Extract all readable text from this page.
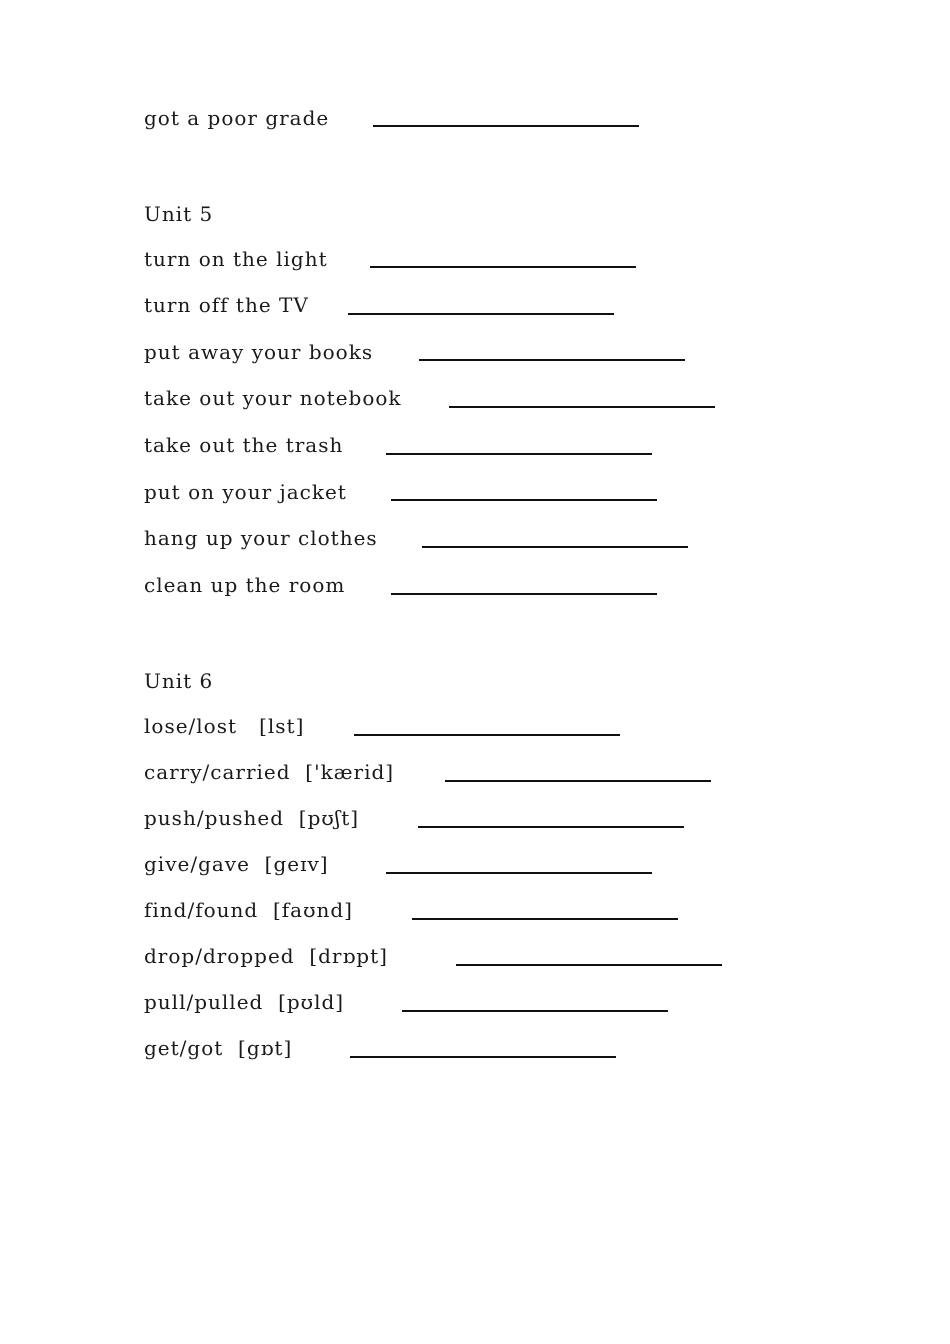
got a poor grade
Unit 5
turn on the light
turn off the TV
put away your books
take out your notebook
take out the trash
put on your jacket
hang up your clothes
clean up the room
Unit 6
lose/lost [lst]
carry/carried ['kærid]
push/pushed [pʊʃt]
give/gave [geɪv]
find/found [faʊnd]
drop/dropped [drɒpt]
pull/pulled [pʊld]
get/got [gɒt]
